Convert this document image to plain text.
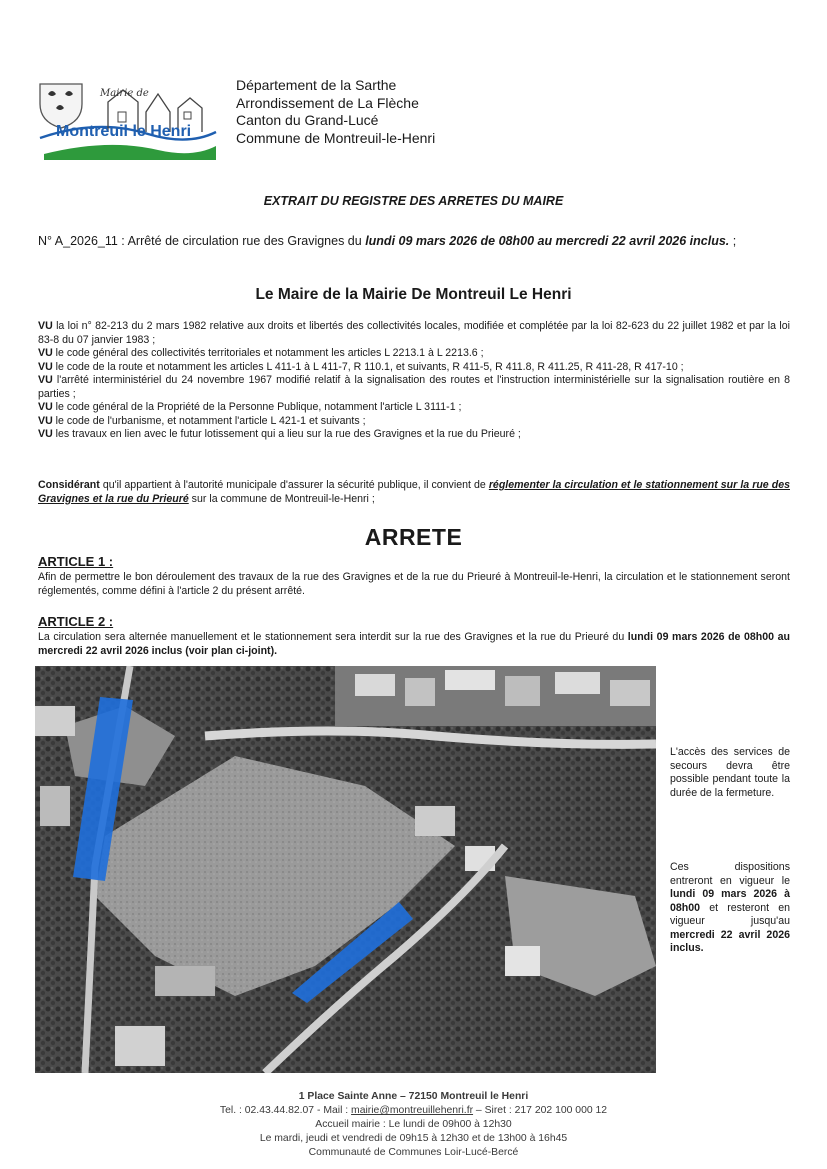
Mairie de
Montreuil le Henri
Département de la Sarthe
Arrondissement de La Flèche
Canton du Grand-Lucé
Commune de Montreuil-le-Henri
EXTRAIT DU REGISTRE DES ARRETES DU MAIRE
N° A_2026_11 : Arrêté de circulation rue des Gravignes du lundi 09 mars 2026 de 08h00 au mercredi 22 avril 2026 inclus. ;
Le Maire de la Mairie De Montreuil Le Henri

VU la loi n° 82-213 du 2 mars 1982 relative aux droits et libertés des collectivités locales, modifiée et complétée par la loi 82-623 du 22 juillet 1982 et par la loi 83-8 du 07 janvier 1983 ;

VU le code général des collectivités territoriales et notamment les articles L 2213.1 à L 2213.6 ;

VU le code de la route et notamment les articles L 411-1 à L 411-7, R 110.1, et suivants, R 411-5, R 411.8, R 411.25, R 411-28, R 417-10 ;

VU l'arrêté interministériel du 24 novembre 1967 modifié relatif à la signalisation des routes et l'instruction interministérielle sur la signalisation routière en 8 parties ;

VU le code général de la Propriété de la Personne Publique, notamment l'article L 3111-1 ;

VU le code de l'urbanisme, et notamment l'article L 421-1 et suivants ;

VU les travaux en lien avec le futur lotissement qui a lieu sur la rue des Gravignes et la rue du Prieuré ;

Considérant qu'il appartient à l'autorité municipale d'assurer la sécurité publique, il convient de réglementer la circulation et le stationnement sur la rue des Gravignes et la rue du Prieuré sur la commune de Montreuil-le-Henri ;
ARRETE
ARTICLE 1 :
Afin de permettre le bon déroulement des travaux de la rue des Gravignes et de la rue du Prieuré à Montreuil-le-Henri, la circulation et le stationnement seront réglementés, comme défini à l'article 2 du présent arrêté.
ARTICLE 2 :
La circulation sera alternée manuellement et le stationnement sera interdit sur la rue des Gravignes et la rue du Prieuré du lundi 09 mars 2026 de 08h00 au mercredi 22 avril 2026 inclus (voir plan ci-joint).
L'accès des services de secours devra être possible pendant toute la durée de la fermeture.
Ces dispositions entreront en vigueur le lundi 09 mars 2026 à 08h00 et resteront en vigueur jusqu'au mercredi 22 avril 2026 inclus.
1 Place Sainte Anne – 72150 Montreuil le Henri
Tel. : 02.43.44.82.07 - Mail : mairie@montreuillehenri.fr – Siret : 217 202 100 000 12
Accueil mairie : Le lundi de 09h00 à 12h30
Le mardi, jeudi et vendredi de 09h15 à 12h30 et de 13h00 à 16h45
Communauté de Communes Loir-Lucé-Bercé
